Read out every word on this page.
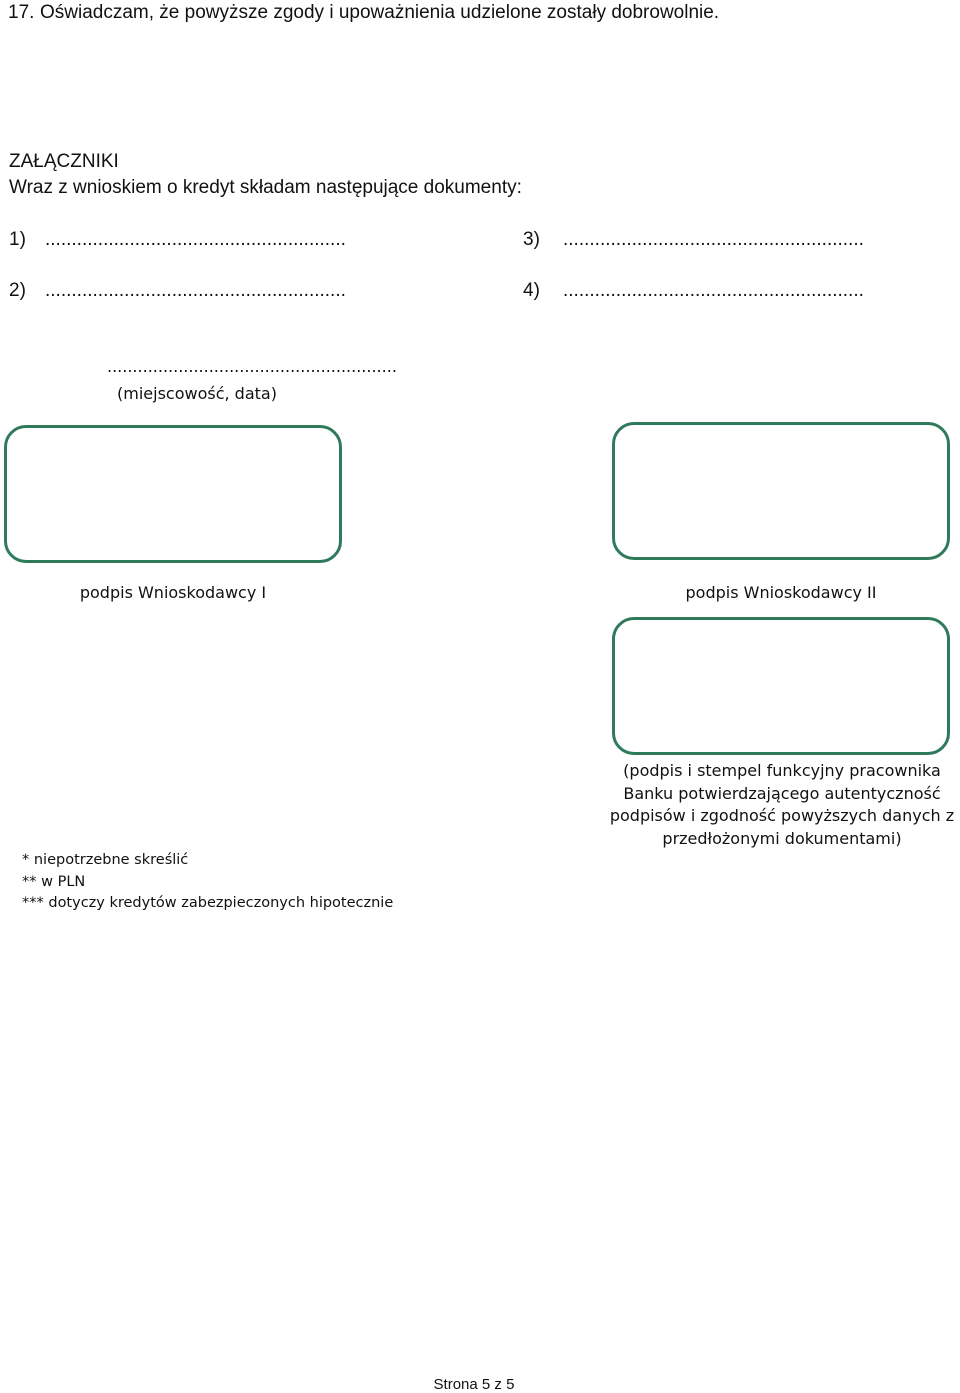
17. Oświadczam, że powyższe zgody i upoważnienia udzielone zostały dobrowolnie.
ZAŁĄCZNIKI
Wraz z wnioskiem o kredyt składam następujące dokumenty:
1) .........................................................
2) .........................................................
3) .........................................................
4) .........................................................
.........................................................
(miejscowość, data)
podpis Wnioskodawcy I	podpis Wnioskodawcy II
(podpis i stempel funkcyjny pracownika Banku potwierdzającego autentyczność podpisów i zgodność powyższych danych z przedłożonymi dokumentami)
* niepotrzebne skreślić
** w PLN
*** dotyczy kredytów zabezpieczonych hipotecznie
Strona 5 z 5
